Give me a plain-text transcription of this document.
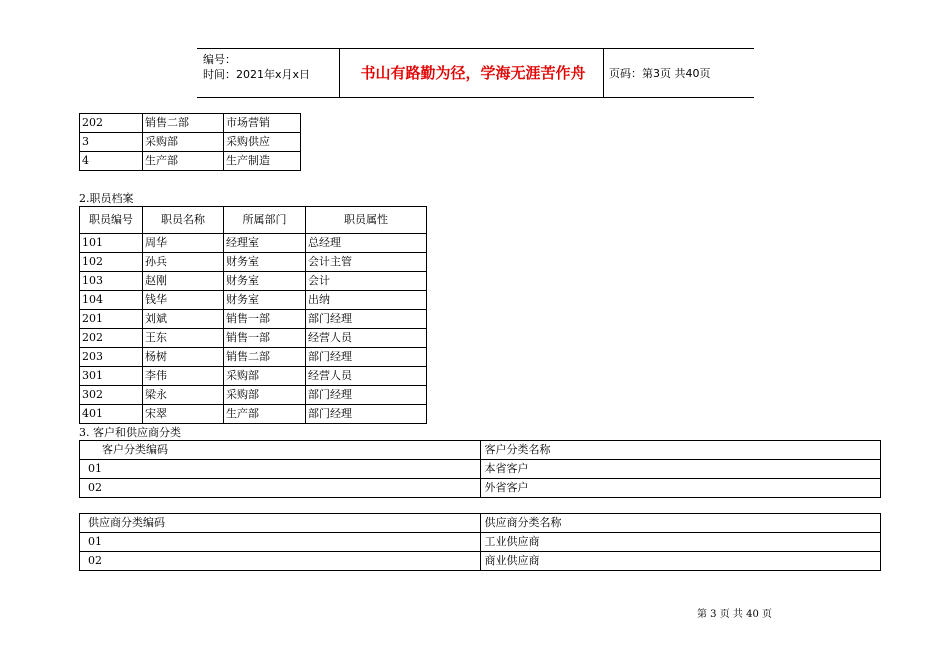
编号：
时间：2021年x月x日	书山有路勤为径，学海无涯苦作舟	页码：第3页 共40页
202	销售二部	市场营销
3	采购部	采购供应
4	生产部	生产制造
2.职员档案
职员编号	职员名称	所属部门	职员属性
101	周华	经理室	总经理
102	孙兵	财务室	会计主管
103	赵刚	财务室	会计
104	钱华	财务室	出纳
201	刘斌	销售一部	部门经理
202	王东	销售一部	经营人员
203	杨树	销售二部	部门经理
301	李伟	采购部	经营人员
302	梁永	采购部	部门经理
401	宋翠	生产部	部门经理
3. 客户和供应商分类
客户分类编码	客户分类名称
01	本省客户
02	外省客户
供应商分类编码	供应商分类名称
01	工业供应商
02	商业供应商
第 3 页 共 40 页
